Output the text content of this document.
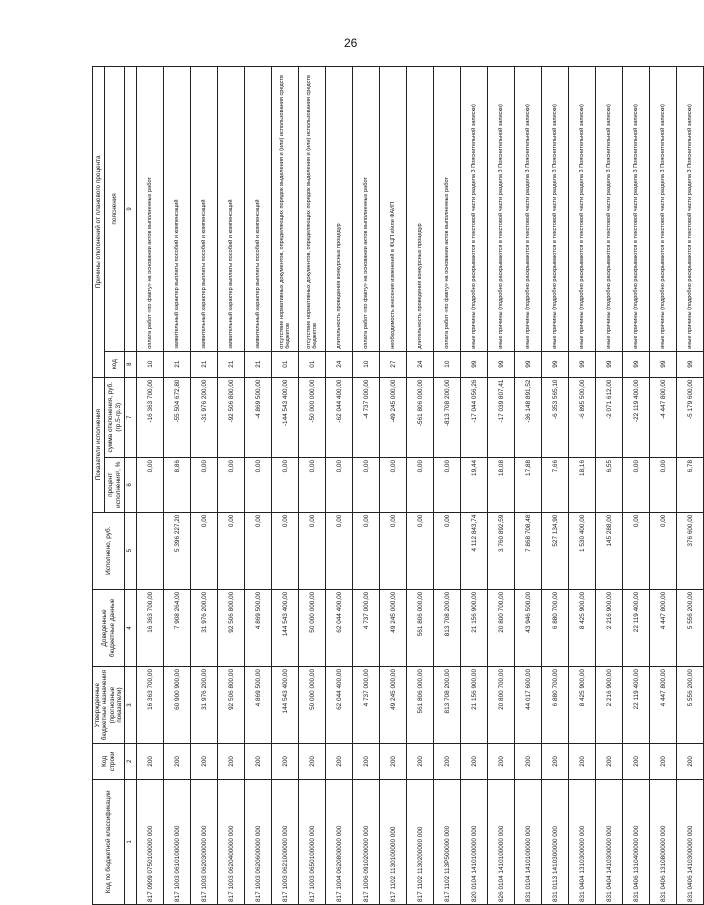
26
Код по бюджетной классификации	Код строки	Утвержденные бюджетные назначения (прогнозные показатели)	Доведенные бюджетные данные	Исполнено, руб.	Показатели исполнения		Причины отклонений от планового процента	
					процент исполнения¹, %	сумма отклонения, руб. (гр.5-гр.3)	код	пояснения
1	2	3	4	5	6	7	8	9
817 0909 0750100000 000	200	16 363 700,00	16 363 700,00		0,00	-16 363 700,00	10	оплата работ «по факту» на основании актов выполненных работ
817 1003 0610100000 000	200	60 900 900,00	7 908 264,00	5 396 227,20	8,86	-55 504 672,80	21	заявительный характер выплаты пособий и компенсаций
817 1003 0620300000 000	200	31 976 200,00	31 976 200,00	0,00	0,00	-31 976 200,00	21	заявительный характер выплаты пособий и компенсаций
817 1003 0620400000 000	200	92 506 800,00	92 506 800,00	0,00	0,00	-92 506 800,00	21	заявительный характер выплаты пособий и компенсаций
817 1003 0620600000 000	200	4 869 500,00	4 869 500,00	0,00	0,00	-4 869 500,00	21	заявительный характер выплаты пособий и компенсаций
817 1003 0621000000 000	200	144 543 400,00	144 543 400,00	0,00	0,00	-144 543 400,00	01	отсутствие нормативных документов, определяющих порядок выделения и (или) использования средств бюджетов
817 1003 0650100000 000	200	50 000 000,00	50 000 000,00	0,00	0,00	-50 000 000,00	01	отсутствие нормативных документов, определяющих порядок выделения и (или) использования средств бюджетов
817 1004 0620800000 000	200	62 044 400,00	62 044 400,00	0,00	0,00	-62 044 400,00	24	длительность проведения конкурсных процедур
817 1006 0910200000 000	200	4 737 000,00	4 737 000,00	0,00	0,00	-4 737 000,00	10	оплата работ «по факту» на основании актов выполненных работ
817 1102 1130100000 000	200	49 245 000,00	49 245 000,00	0,00	0,00	-49 245 000,00	27	необходимость внесения изменений в ФЦП и/или ФАИП
817 1102 1130200000 000	200	561 806 000,00	561 806 000,00	0,00	0,00	-561 806 000,00	24	длительность проведения конкурсных процедур
817 1102 113P500000 000	200	813 708 200,00	813 708 200,00	0,00	0,00	-813 708 200,00	10	оплата работ «по факту» на основании актов выполненных работ
820 0104 1410100000 000	200	21 156 900,00	21 156 900,00	4 112 843,74	19,44	-17 044 056,26	99	иные причины (подробно раскрываются в текстовой части раздела 3 Пояснительной записки)
826 0104 1410100000 000	200	20 800 700,00	20 800 700,00	3 760 892,59	18,08	-17 039 807,41	99	иные причины (подробно раскрываются в текстовой части раздела 3 Пояснительной записки)
831 0104 1410100000 000	200	44 017 600,00	43 946 500,00	7 868 708,48	17,88	-36 148 891,52	99	иные причины (подробно раскрываются в текстовой части раздела 3 Пояснительной записки)
831 0113 1410300000 000	200	6 880 700,00	6 880 700,00	527 134,90	7,66	-6 353 565,10	99	иные причины (подробно раскрываются в текстовой части раздела 3 Пояснительной записки)
831 0404 1310300000 000	200	8 425 900,00	8 425 900,00	1 530 400,00	18,16	-6 895 500,00	99	иные причины (подробно раскрываются в текстовой части раздела 3 Пояснительной записки)
831 0404 1410300000 000	200	2 216 900,00	2 216 900,00	145 288,00	6,55	-2 071 612,00	99	иные причины (подробно раскрываются в текстовой части раздела 3 Пояснительной записки)
831 0406 1310400000 000	200	22 119 400,00	22 119 400,00	0,00	0,00	-22 119 400,00	99	иные причины (подробно раскрываются в текстовой части раздела 3 Пояснительной записки)
831 0406 1310800000 000	200	4 447 800,00	4 447 800,00	0,00	0,00	-4 447 800,00	99	иные причины (подробно раскрываются в текстовой части раздела 3 Пояснительной записки)
831 0406 1410300000 000	200	5 556 200,00	5 556 200,00	376 600,00	6,78	-5 179 600,00	99	иные причины (подробно раскрываются в текстовой части раздела 3 Пояснительной записки)
